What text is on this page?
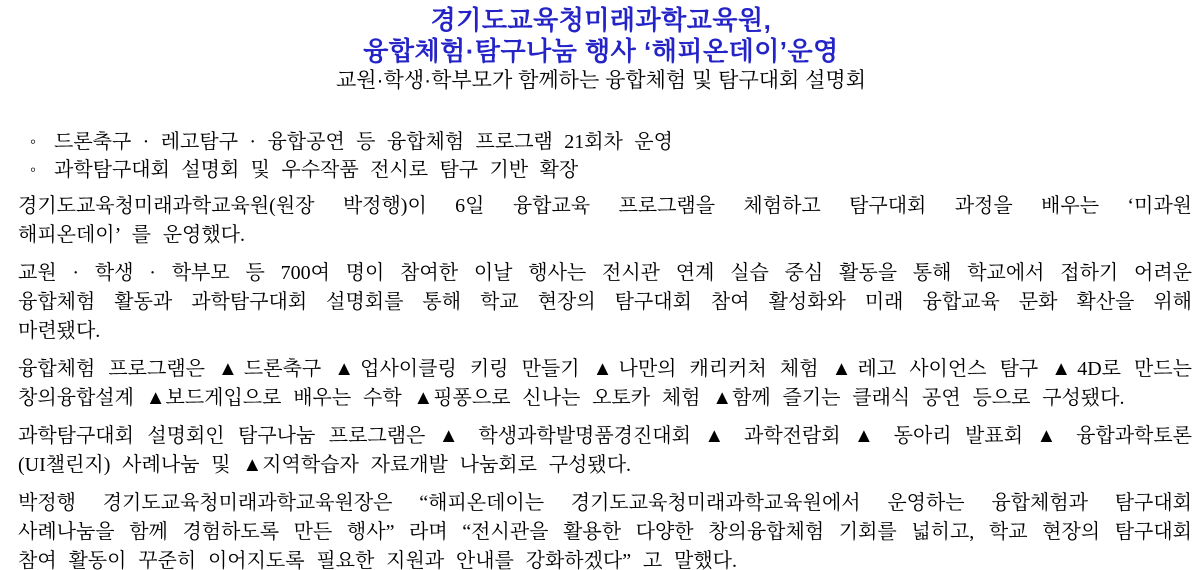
경기도교육청미래과학교육원,
융합체험·탐구나눔 행사 ‘해피온데이’운영
교원·학생·학부모가 함께하는 융합체험 및 탐구대회 설명회
◦ 드론축구 · 레고탐구 · 융합공연 등 융합체험 프로그램 21회차 운영
◦ 과학탐구대회 설명회 및 우수작품 전시로 탐구 기반 확장
경기도교육청미래과학교육원(원장 박정행)이 6일 융합교육 프로그램을 체험하고 탐구대회 과정을 배우는 ‘미과원
해피온데이’ 를 운영했다.
교원 · 학생 · 학부모 등 700여 명이 참여한 이날 행사는 전시관 연계 실습 중심 활동을 통해 학교에서 접하기 어려운
융합체험 활동과 과학탐구대회 설명회를 통해 학교 현장의 탐구대회 참여 활성화와 미래 융합교육 문화 확산을 위해
마련됐다.
융합체험 프로그램은 ▲드론축구 ▲업사이클링 키링 만들기 ▲나만의 캐리커처 체험 ▲레고 사이언스 탐구 ▲4D로 만드는
창의융합설계 ▲보드게입으로 배우는 수학 ▲핑퐁으로 신나는 오토카 체험 ▲함께 즐기는 클래식 공연 등으로 구성됐다.
과학탐구대회 설명회인 탐구나눔 프로그램은 ▲ 학생과학발명품경진대회 ▲ 과학전람회 ▲ 동아리 발표회 ▲ 융합과학토론
(UI챌린지) 사례나눔 및 ▲지역학습자 자료개발 나눔회로 구성됐다.
박정행 경기도교육청미래과학교육원장은 “해피온데이는 경기도교육청미래과학교육원에서 운영하는 융합체험과 탐구대회
사례나눔을 함께 경험하도록 만든 행사” 라며 “전시관을 활용한 다양한 창의융합체험 기회를 넓히고, 학교 현장의 탐구대회
참여 활동이 꾸준히 이어지도록 필요한 지원과 안내를 강화하겠다” 고 말했다.
